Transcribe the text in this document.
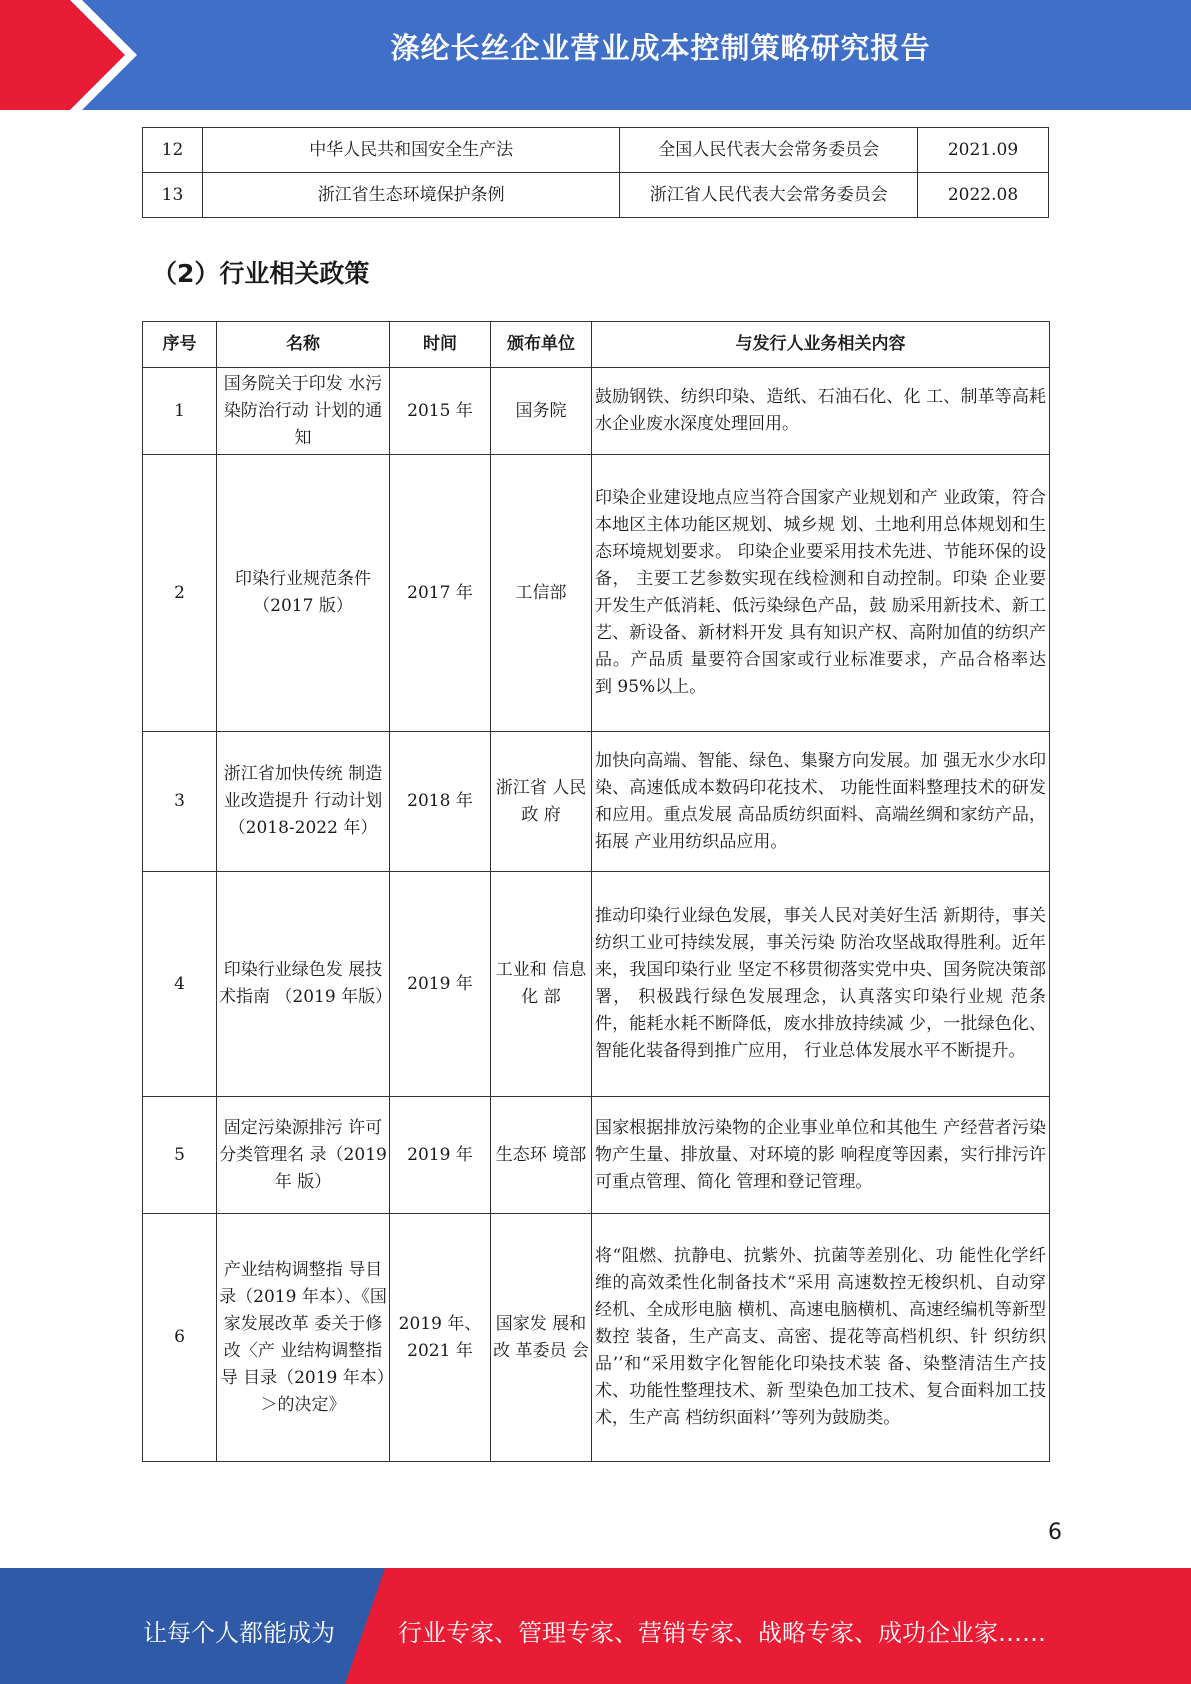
涤纶长丝企业营业成本控制策略研究报告
12	中华人民共和国安全生产法	全国人民代表大会常务委员会	2021.09
13	浙江省生态环境保护条例	浙江省人民代表大会常务委员会	2022.08
（2）行业相关政策
序号	名称	时间	颁布单位	与发行人业务相关内容
1	国务院关于印发 水污染防治行动 计划的通知	2015 年	国务院	鼓励钢铁、纺织印染、造纸、石油石化、化 工、制革等高耗水企业废水深度处理回用。
2	印染行业规范条件（2017 版）	2017 年	工信部	印染企业建设地点应当符合国家产业规划和产 业政策，符合本地区主体功能区规划、城乡规 划、土地利用总体规划和生态环境规划要求。 印染企业要采用技术先进、节能环保的设备， 主要工艺参数实现在线检测和自动控制。印染 企业要开发生产低消耗、低污染绿色产品，鼓 励采用新技术、新工艺、新设备、新材料开发 具有知识产权、高附加值的纺织产品。产品质 量要符合国家或行业标准要求，产品合格率达 到 95%以上。
3	浙江省加快传统 制造业改造提升 行动计划 （2018-2022 年）	2018 年	浙江省 人民政 府	加快向高端、智能、绿色、集聚方向发展。加 强无水少水印染、高速低成本数码印花技术、 功能性面料整理技术的研发和应用。重点发展 高品质纺织面料、高端丝绸和家纺产品，拓展 产业用纺织品应用。
4	印染行业绿色发 展技术指南 （2019 年版）	2019 年	工业和 信息化 部	推动印染行业绿色发展，事关人民对美好生活 新期待，事关纺织工业可持续发展，事关污染 防治攻坚战取得胜利。近年来，我国印染行业 坚定不移贯彻落实党中央、国务院决策部署， 积极践行绿色发展理念，认真落实印染行业规 范条件，能耗水耗不断降低，废水排放持续减 少，一批绿色化、智能化装备得到推广应用， 行业总体发展水平不断提升。
5	固定污染源排污 许可分类管理名 录（2019 年 版）	2019 年	生态环 境部	国家根据排放污染物的企业事业单位和其他生 产经营者污染物产生量、排放量、对环境的影 响程度等因素，实行排污许可重点管理、简化 管理和登记管理。
6	产业结构调整指 导目录（2019 年本）、《国家发展改革 委关于修改〈产 业结构调整指导 目录（2019 年本）＞的决定》	2019 年、2021 年	国家发 展和改 革委员 会	将“阻燃、抗静电、抗紫外、抗菌等差别化、功 能性化学纤维的高效柔性化制备技术“采用 高速数控无梭织机、自动穿经机、全成形电脑 横机、高速电脑横机、高速经编机等新型数控 装备，生产高支、高密、提花等高档机织、针 织纺织品’’和“采用数字化智能化印染技术装 备、染整清洁生产技术、功能性整理技术、新 型染色加工技术、复合面料加工技术，生产高 档纺织面料’’等列为鼓励类。
6
让每个人都能成为	行业专家、管理专家、营销专家、战略专家、成功企业家……
